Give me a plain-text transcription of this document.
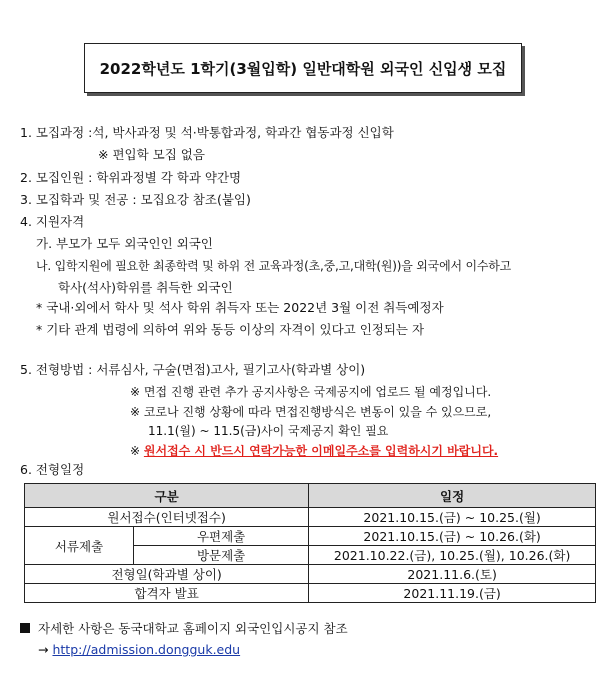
2022학년도 1학기(3월입학) 일반대학원 외국인 신입생 모집
1. 모집과정 :석, 박사과정 및 석·박통합과정, 학과간 협동과정 신입학
※ 편입학 모집 없음
2. 모집인원 : 학위과정별 각 학과 약간명
3. 모집학과 및 전공 : 모집요강 참조(붙임)
4. 지원자격
가. 부모가 모두 외국인인 외국인
나. 입학지원에 필요한 최종학력 및 하위 전 교육과정(초,중,고,대학(원))을 외국에서 이수하고
학사(석사)학위를 취득한 외국인
* 국내·외에서 학사 및 석사 학위 취득자 또는 2022년 3월 이전 취득예정자
* 기타 관계 법령에 의하여 위와 동등 이상의 자격이 있다고 인정되는 자
5. 전형방법 : 서류심사, 구술(면접)고사, 필기고사(학과별 상이)
※ 면접 진행 관련 추가 공지사항은 국제공지에 업로드 될 예정입니다.
※ 코로나 진행 상황에 따라 면접진행방식은 변동이 있을 수 있으므로,
11.1(월) ~ 11.5(금)사이 국제공지 확인 필요
※ 원서접수 시 반드시 연락가능한 이메일주소를 입력하시기 바랍니다.
6. 전형일정
구분		일정
원서접수(인터넷접수)		2021.10.15.(금) ~ 10.25.(월)
서류제출	우편제출	2021.10.15.(금) ~ 10.26.(화)
	방문제출	2021.10.22.(금), 10.25.(월), 10.26.(화)
전형일(학과별 상이)		2021.11.6.(토)
합격자 발표		2021.11.19.(금)
자세한 사항은 동국대학교 홈페이지 외국인입시공지 참조
→ http://admission.dongguk.edu
